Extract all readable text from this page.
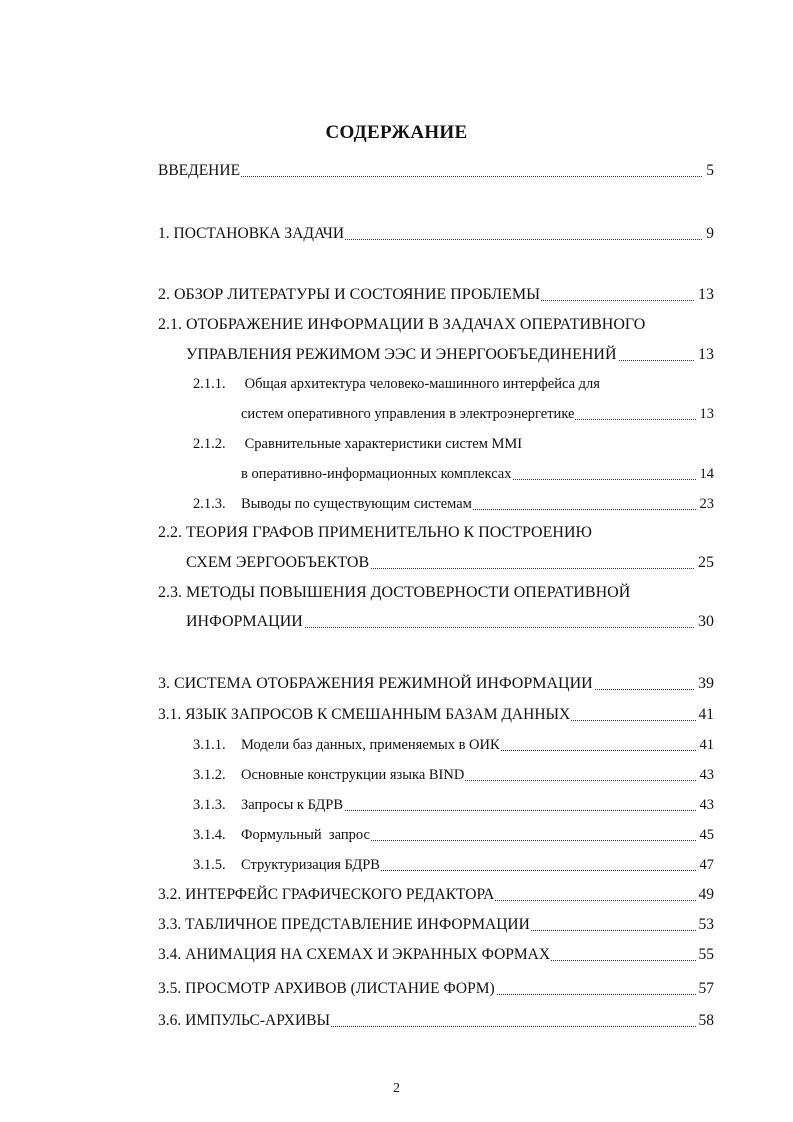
СОДЕРЖАНИЕ
ВВЕДЕНИЕ	5
1. ПОСТАНОВКА ЗАДАЧИ	9
2. ОБЗОР ЛИТЕРАТУРЫ И СОСТОЯНИЕ ПРОБЛЕМЫ	13
2.1. ОТОБРАЖЕНИЕ ИНФОРМАЦИИ В ЗАДАЧАХ ОПЕРАТИВНОГО
УПРАВЛЕНИЯ РЕЖИМОМ ЭЭС И ЭНЕРГООБЪЕДИНЕНИЙ	13
2.1.1. Общая архитектура человеко-машинного интерфейса для
систем оперативного управления в электроэнергетике	13
2.1.2. Сравнительные характеристики систем MMI
в оперативно-информационных комплексах	14
2.1.3. Выводы по существующим системам	23
2.2. ТЕОРИЯ ГРАФОВ ПРИМЕНИТЕЛЬНО К ПОСТРОЕНИЮ
СХЕМ ЭЕРГООБЪЕКТОВ	25
2.3. МЕТОДЫ ПОВЫШЕНИЯ ДОСТОВЕРНОСТИ ОПЕРАТИВНОЙ
ИНФОРМАЦИИ	30
3. СИСТЕМА ОТОБРАЖЕНИЯ РЕЖИМНОЙ ИНФОРМАЦИИ	39
3.1. ЯЗЫК ЗАПРОСОВ К СМЕШАННЫМ БАЗАМ ДАННЫХ	41
3.1.1. Модели баз данных, применяемых в ОИК	41
3.1.2. Основные конструкции языка BIND	43
3.1.3. Запросы к БДРВ	43
3.1.4. Формульный  запрос	45
3.1.5. Структуризация БДРВ	47
3.2. ИНТЕРФЕЙС ГРАФИЧЕСКОГО РЕДАКТОРА	49
3.3. ТАБЛИЧНОЕ ПРЕДСТАВЛЕНИЕ ИНФОРМАЦИИ	53
3.4. АНИМАЦИЯ НА СХЕМАХ И ЭКРАННЫХ ФОРМАХ	55
3.5. ПРОСМОТР АРХИВОВ (ЛИСТАНИЕ ФОРМ)	57
3.6. ИМПУЛЬС-АРХИВЫ	58
2
